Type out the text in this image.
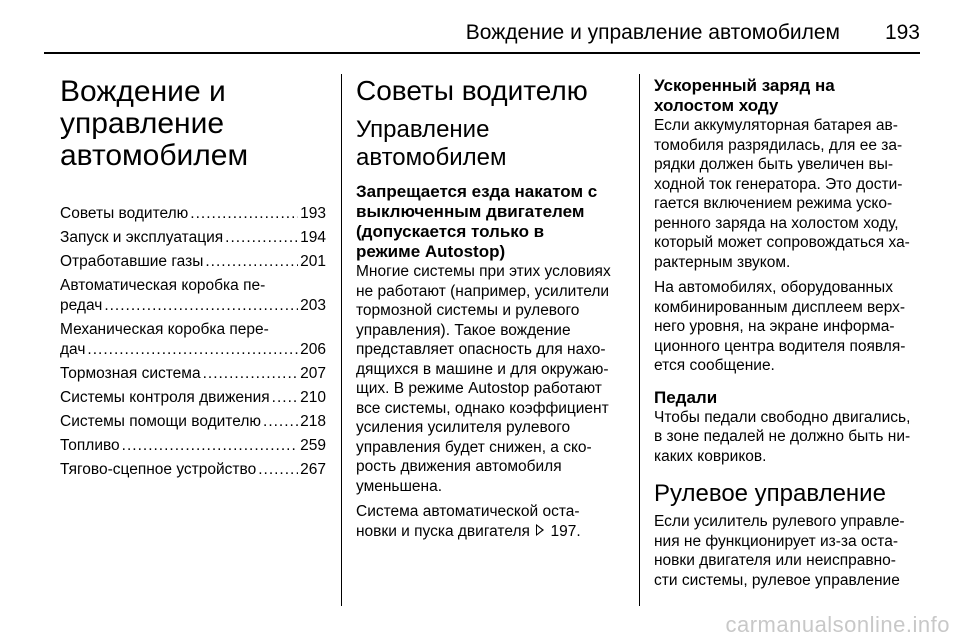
Вождение и управление автомобилем 193
Вождение и
управление
автомобилем
Советы водителю .....	193
Запуск и эксплуатация .....	194
Отработавшие газы .....	201
Автоматическая коробка пе-
редач .....	203
Механическая коробка пере-
дач .....	206
Тормозная система .....	207
Системы контроля движения ..... 210
Системы помощи водителю .....	218
Топливо .....	259
Тягово-сцепное устройство .....	267
Советы водителю
Управление
автомобилем
Запрещается езда накатом с
выключенным двигателем
(допускается только в
режиме Autostop)

Многие системы при этих условиях
не работают (например, усилители
тормозной системы и рулевого
управления). Такое вождение
представляет опасность для нахо-
дящихся в машине и для окружаю-
щих. В режиме Autostop работают
все системы, однако коэффициент
усиления усилителя рулевого
управления будет снижен, а ско-
рость движения автомобиля
уменьшена.

Система автоматической оста-
новки и пуска двигателя 197.

Ускоренный заряд на
холостом ходу

Если аккумуляторная батарея ав-
томобиля разрядилась, для ее за-
рядки должен быть увеличен вы-
ходной ток генератора. Это дости-
гается включением режима уско-
ренного заряда на холостом ходу,
который может сопровождаться ха-
рактерным звуком.

На автомобилях, оборудованных
комбинированным дисплеем верх-
него уровня, на экране информа-
ционного центра водителя появля-
ется сообщение.

Педали

Чтобы педали свободно двигались,
в зоне педалей не должно быть ни-
каких ковриков.

Рулевое управление

Если усилитель рулевого управле-
ния не функционирует из-за оста-
новки двигателя или неисправно-
сти системы, рулевое управление

carmanualsonline.info
